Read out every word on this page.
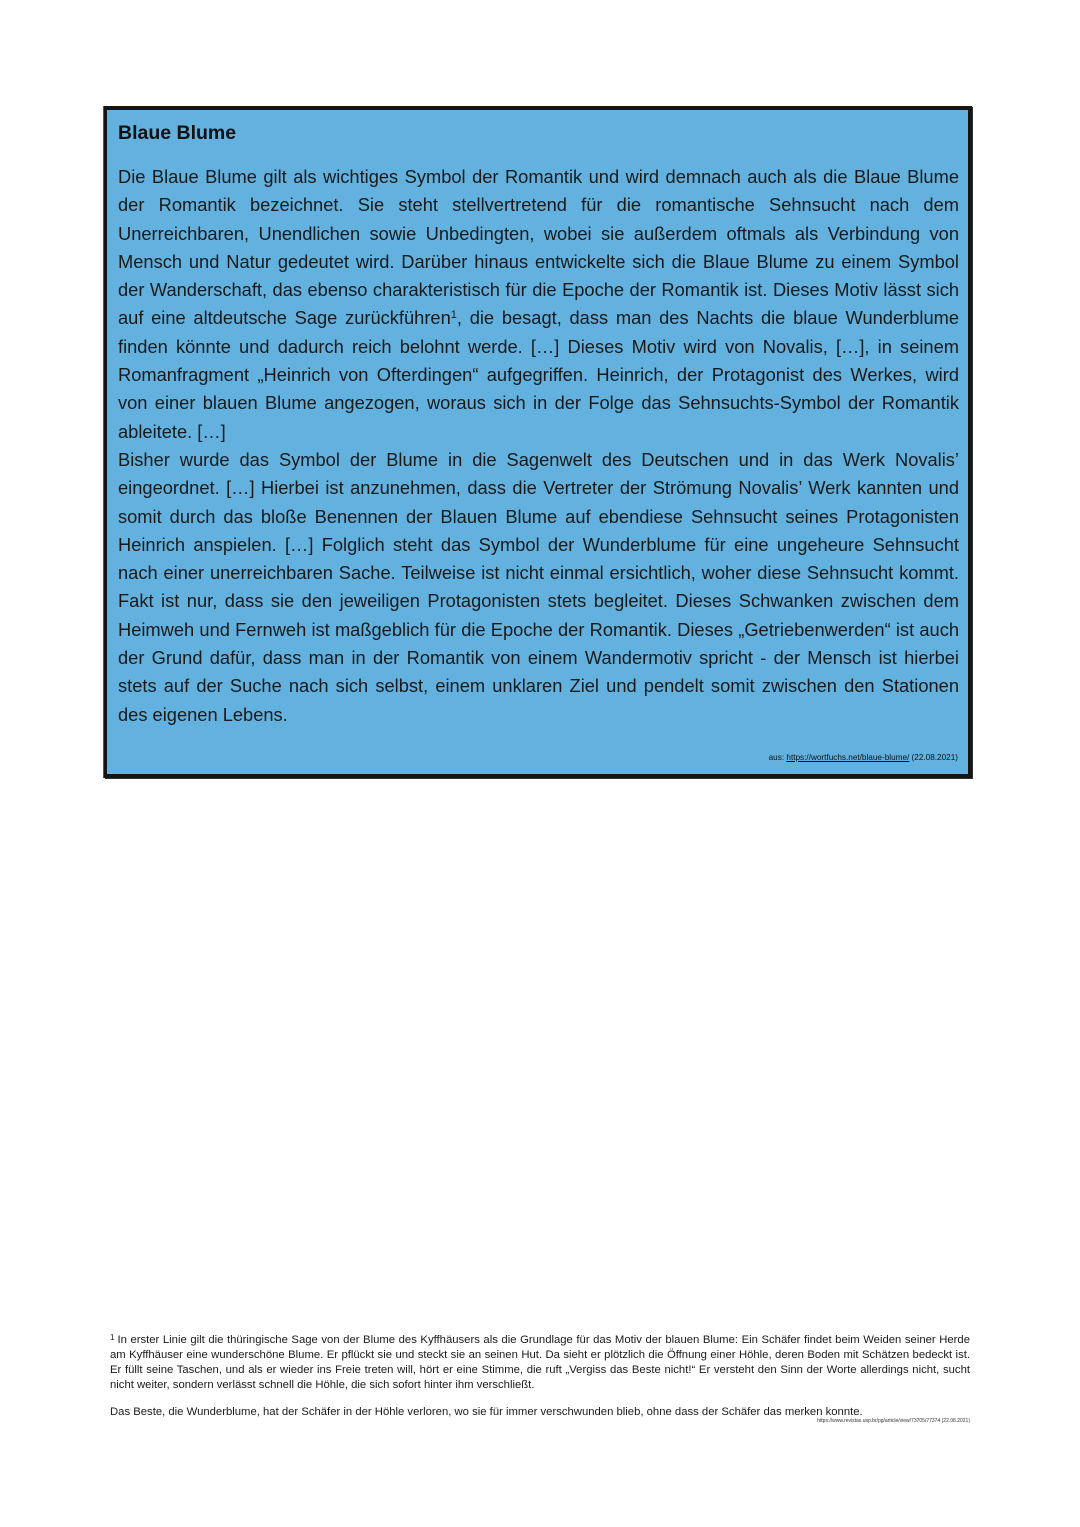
Blaue Blume

Die Blaue Blume gilt als wichtiges Symbol der Romantik und wird demnach auch als die Blaue Blume der Romantik bezeichnet. Sie steht stellvertretend für die romantische Sehnsucht nach dem Unerreichbaren, Unendlichen sowie Unbedingten, wobei sie außerdem oftmals als Verbindung von Mensch und Natur gedeutet wird. Darüber hinaus entwickelte sich die Blaue Blume zu einem Symbol der Wanderschaft, das ebenso charakteristisch für die Epoche der Romantik ist. Dieses Motiv lässt sich auf eine altdeutsche Sage zurückführen$^1$, die besagt, dass man des Nachts die blaue Wunderblume finden könnte und dadurch reich belohnt werde. […] Dieses Motiv wird von Novalis, […], in seinem Romanfragment „Heinrich von Ofterdingen“ aufgegriffen. Heinrich, der Protagonist des Werkes, wird von einer blauen Blume angezogen, woraus sich in der Folge das Sehnsuchts-Symbol der Romantik ableitete. […]

Bisher wurde das Symbol der Blume in die Sagenwelt des Deutschen und in das Werk Novalis’ eingeordnet. […] Hierbei ist anzunehmen, dass die Vertreter der Strömung Novalis’ Werk kannten und somit durch das bloße Benennen der Blauen Blume auf ebendiese Sehnsucht seines Protagonisten Heinrich anspielen. […] Folglich steht das Symbol der Wunderblume für eine ungeheure Sehnsucht nach einer unerreichbaren Sache. Teilweise ist nicht einmal ersichtlich, woher diese Sehnsucht kommt. Fakt ist nur, dass sie den jeweiligen Protagonisten stets begleitet. Dieses Schwanken zwischen dem Heimweh und Fernweh ist maßgeblich für die Epoche der Romantik. Dieses „Getriebenwerden“ ist auch der Grund dafür, dass man in der Romantik von einem Wandermotiv spricht - der Mensch ist hierbei stets auf der Suche nach sich selbst, einem unklaren Ziel und pendelt somit zwischen den Stationen des eigenen Lebens.

aus: https://wortfuchs.net/blaue-blume/ (22.08.2021)

$^1$ In erster Linie gilt die thüringische Sage von der Blume des Kyffhäusers als die Grundlage für das Motiv der blauen Blume: Ein Schäfer findet beim Weiden seiner Herde am Kyffhäuser eine wunderschöne Blume. Er pflückt sie und steckt sie an seinen Hut. Da sieht er plötzlich die Öffnung einer Höhle, deren Boden mit Schätzen bedeckt ist. Er füllt seine Taschen, und als er wieder ins Freie treten will, hört er eine Stimme, die ruft „Vergiss das Beste nicht!“ Er versteht den Sinn der Worte allerdings nicht, sucht nicht weiter, sondern verlässt schnell die Höhle, die sich sofort hinter ihm verschließt.

Das Beste, die Wunderblume, hat der Schäfer in der Höhle verloren, wo sie für immer verschwunden blieb, ohne dass der Schäfer das merken konnte.
https://www.revistas.usp.br/pg/article/view/73705/77374 (22.08.2021)
